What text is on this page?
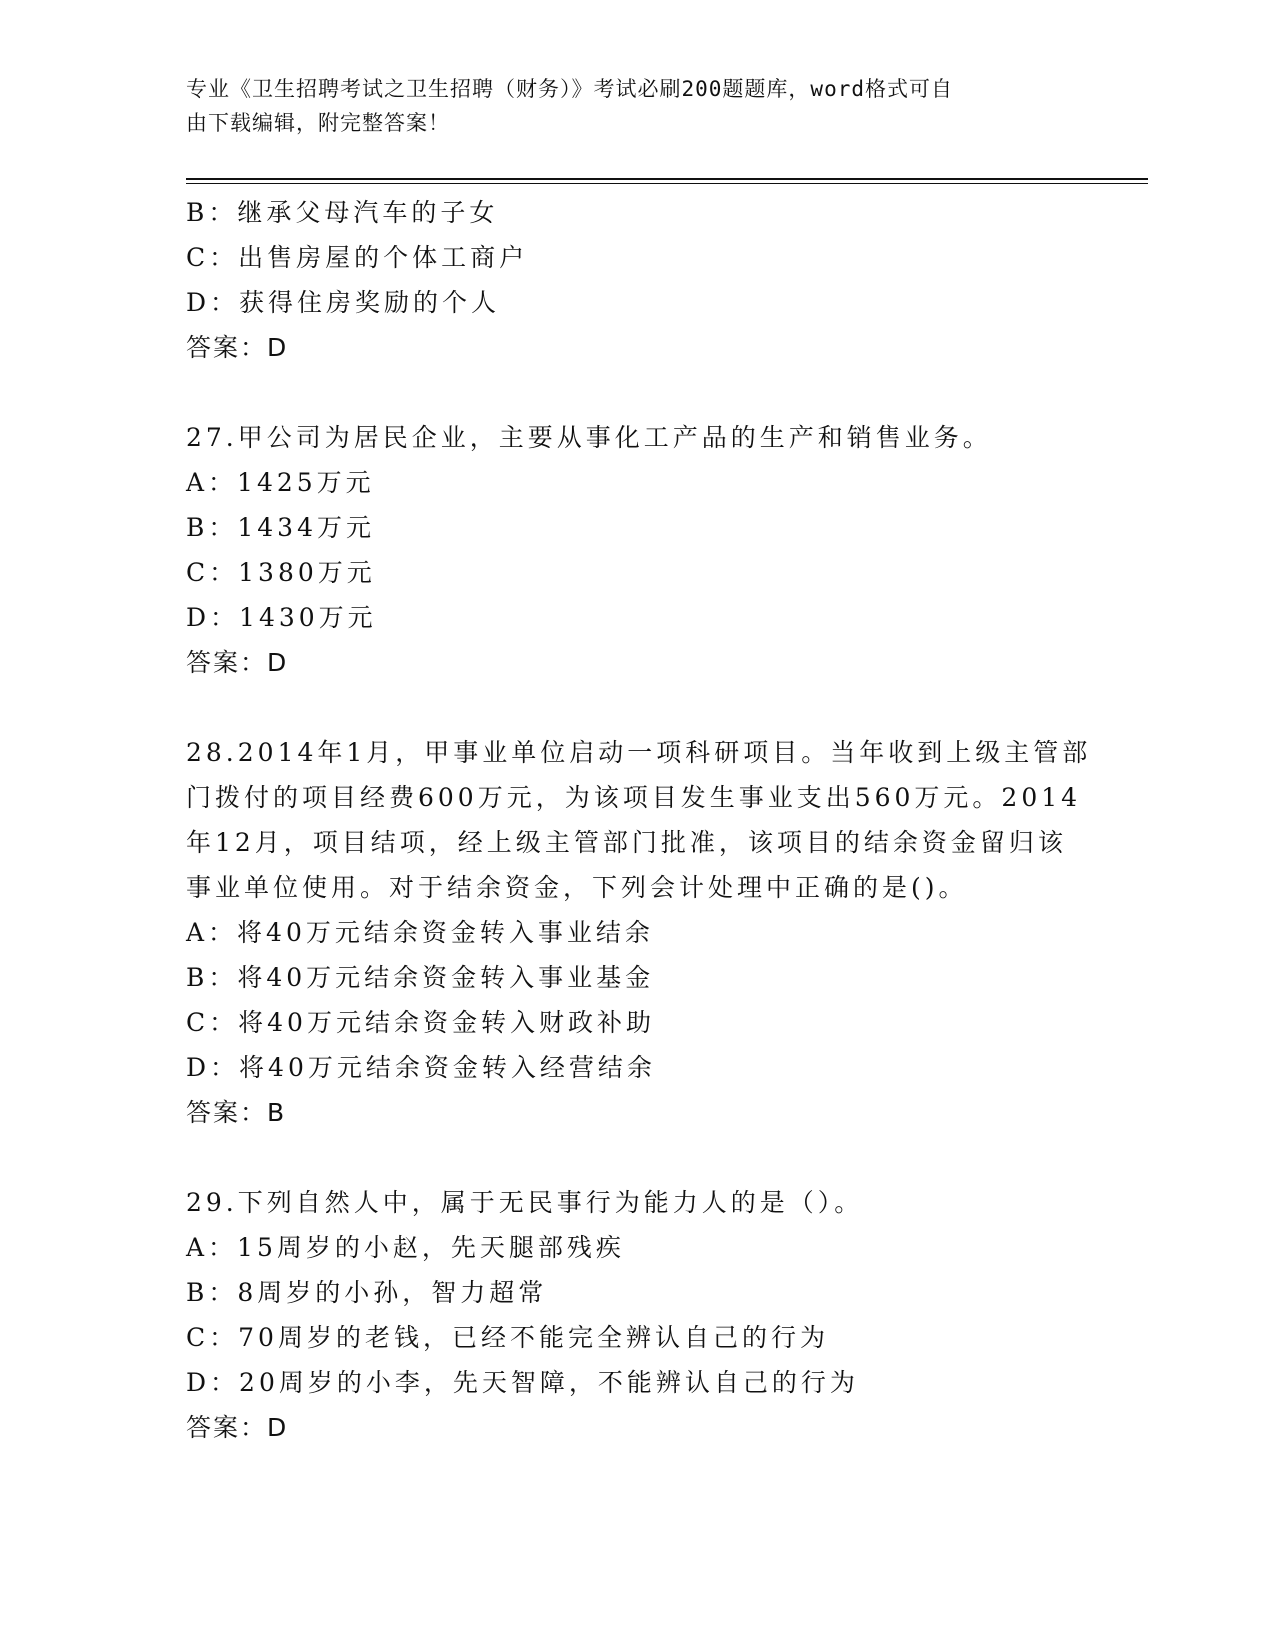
专业《卫生招聘考试之卫生招聘（财务）》考试必刷200题题库，word格式可自
由下载编辑，附完整答案！
B：继承父母汽车的子女
C：出售房屋的个体工商户
D：获得住房奖励的个人
答案：D
27.甲公司为居民企业，主要从事化工产品的生产和销售业务。
A：1425万元
B：1434万元
C：1380万元
D：1430万元
答案：D
28.2014年1月，甲事业单位启动一项科研项目。当年收到上级主管部
门拨付的项目经费600万元，为该项目发生事业支出560万元。2014
年12月，项目结项，经上级主管部门批准，该项目的结余资金留归该
事业单位使用。对于结余资金，下列会计处理中正确的是()。
A：将40万元结余资金转入事业结余
B：将40万元结余资金转入事业基金
C：将40万元结余资金转入财政补助
D：将40万元结余资金转入经营结余
答案：B
29.下列自然人中，属于无民事行为能力人的是（）。
A：15周岁的小赵，先天腿部残疾
B：8周岁的小孙，智力超常
C：70周岁的老钱，已经不能完全辨认自己的行为
D：20周岁的小李，先天智障，不能辨认自己的行为
答案：D
